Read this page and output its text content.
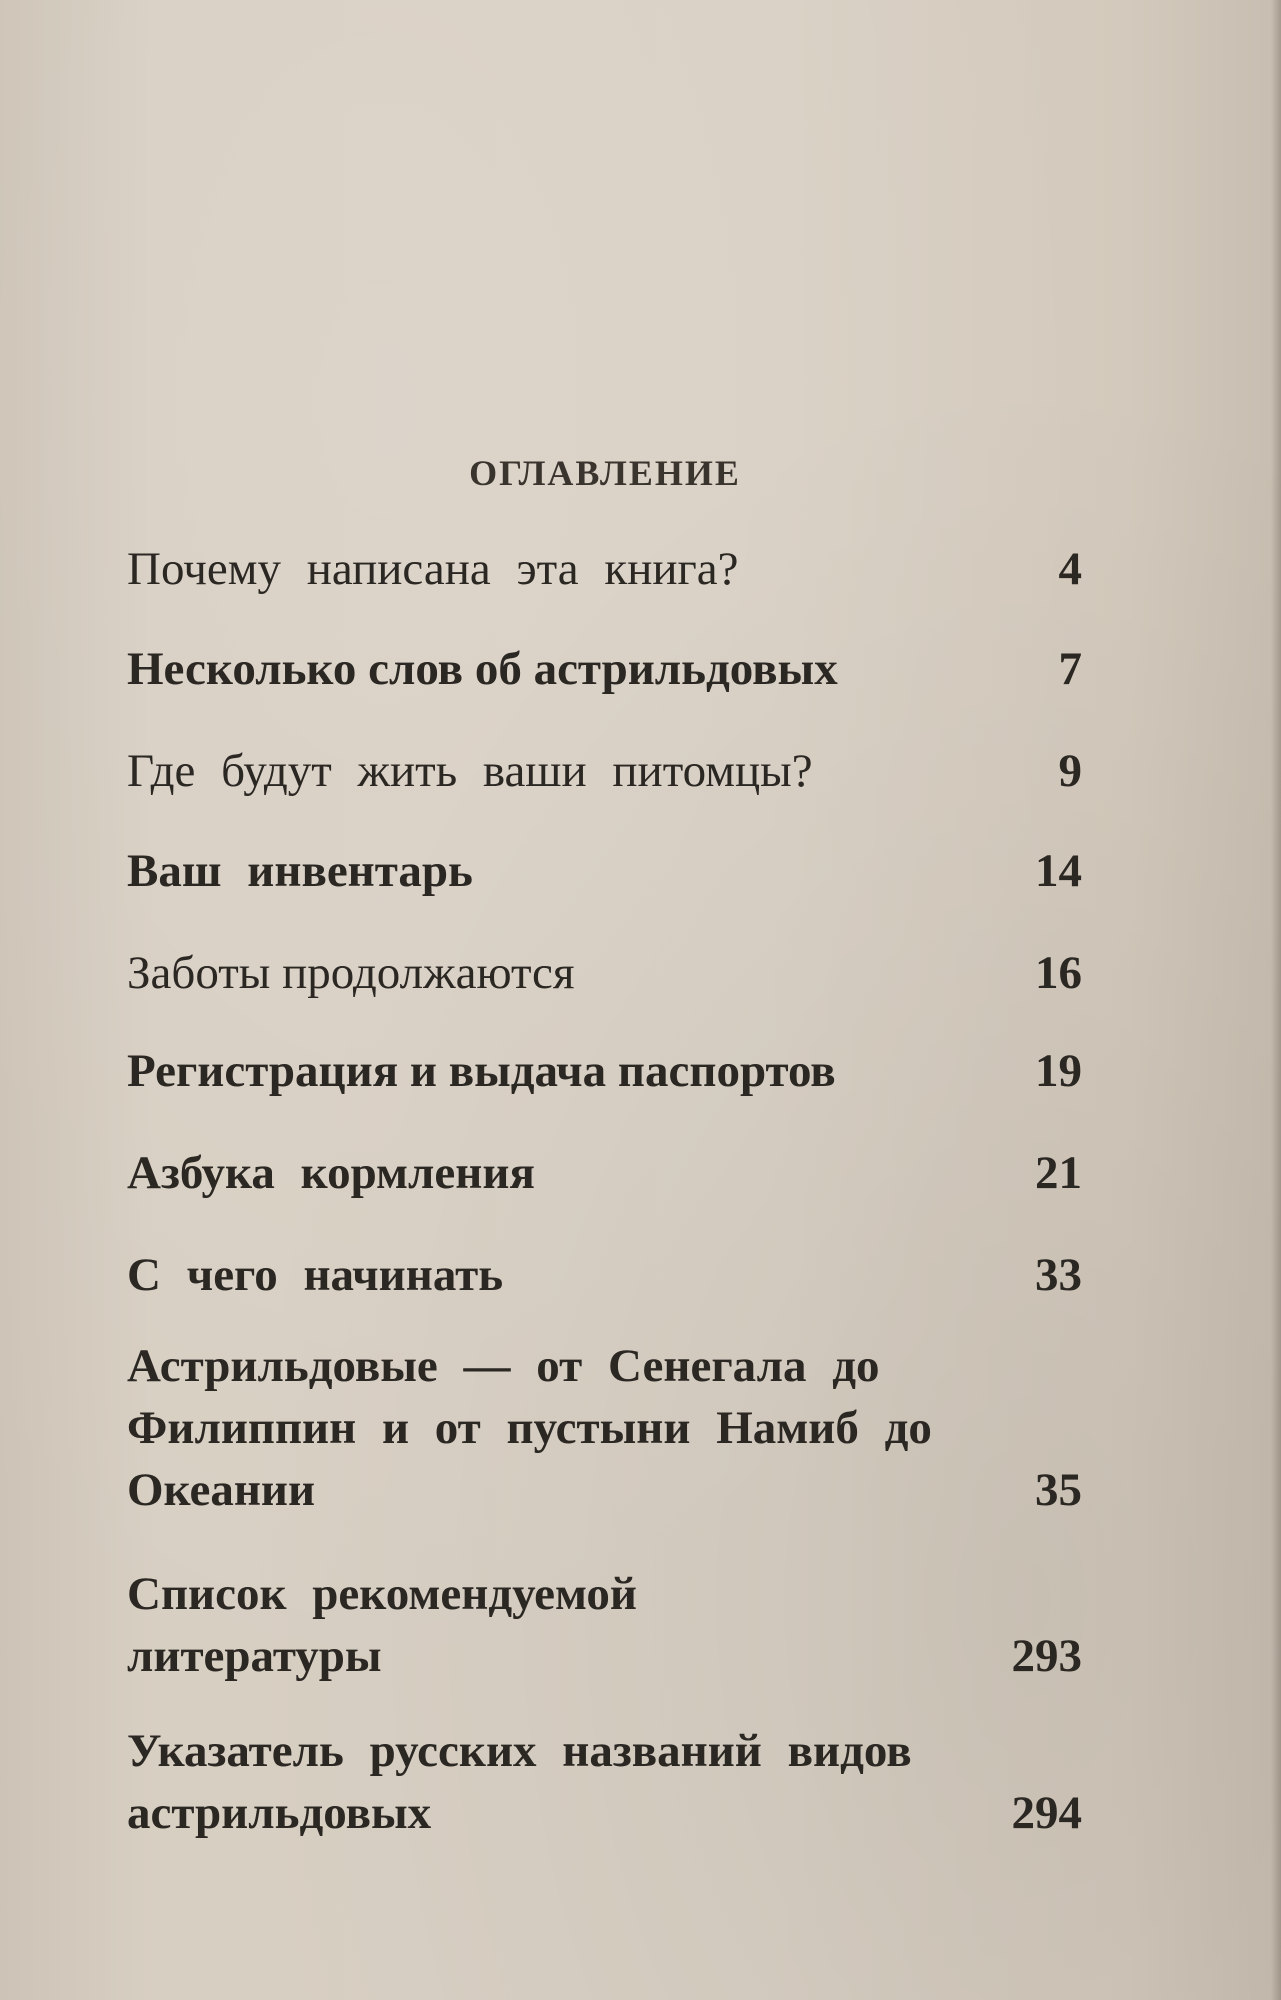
ОГЛАВЛЕНИЕ
Почему написана эта книга?	4
Несколько слов об астрильдовых	7
Где будут жить ваши питомцы?	9
Ваш инвентарь	14
Заботы продолжаются	16
Регистрация и выдача паспортов	19
Азбука кормления	21
С чего начинать	33
Астрильдовые — от Сенегала до Филиппин и от пустыни Намиб до Океании	35
Список рекомендуемой литературы	293
Указатель русских названий видов астрильдовых	294
